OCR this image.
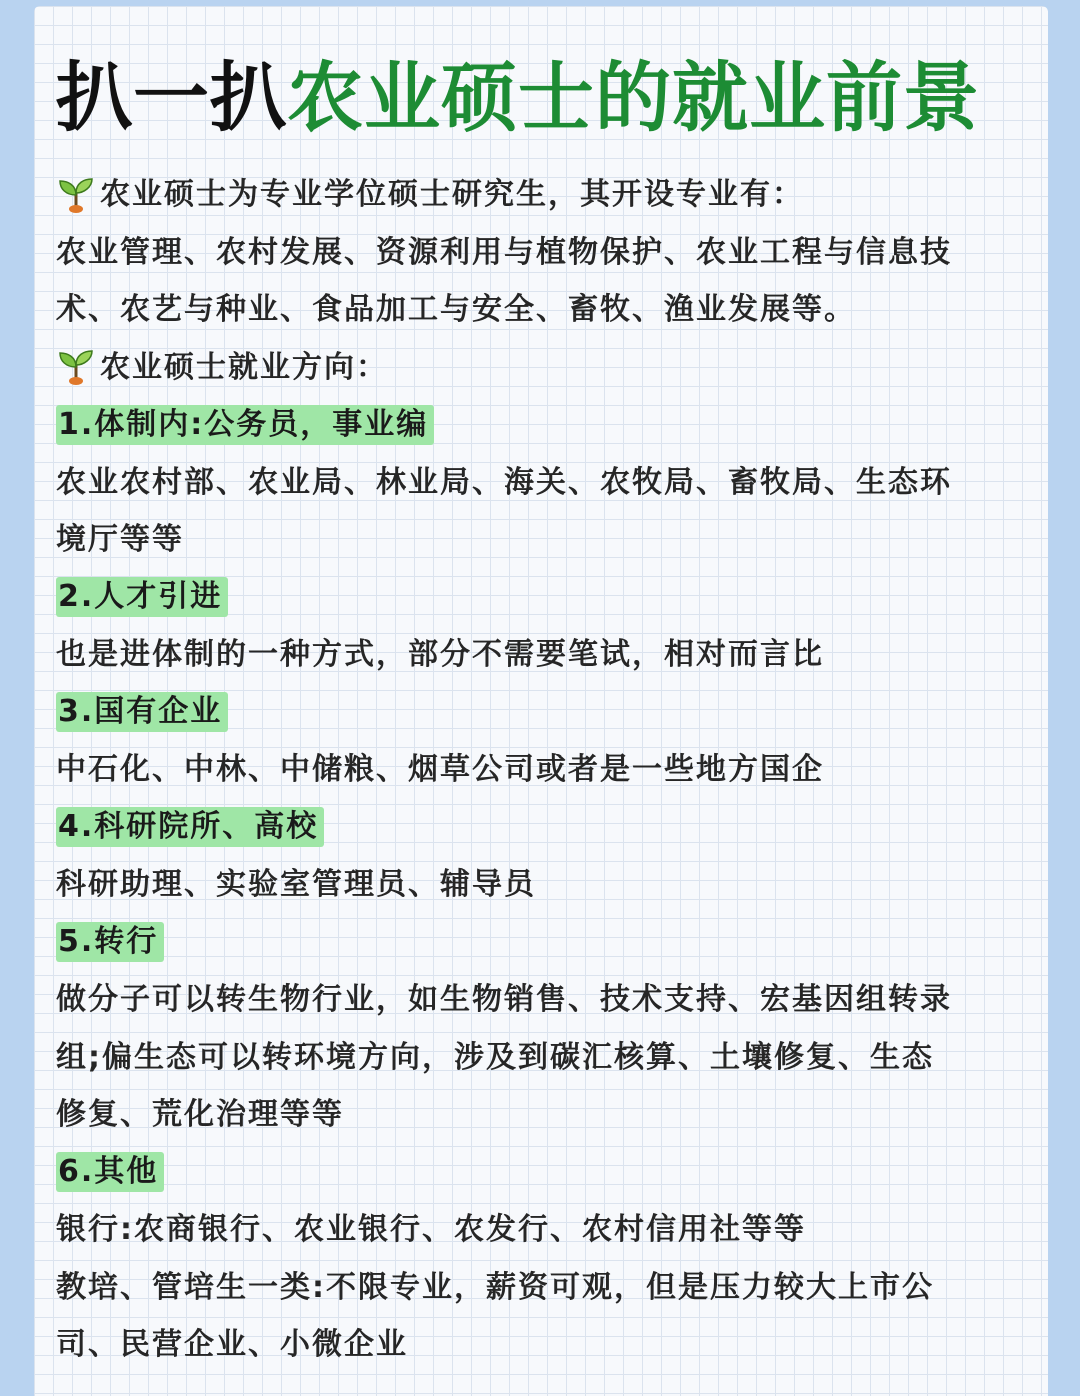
扒一扒农业硕士的就业前景
农业硕士为专业学位硕士研究生，其开设专业有：
农业管理、农村发展、资源利用与植物保护、农业工程与信息技
术、农艺与种业、食品加工与安全、畜牧、渔业发展等。
农业硕士就业方向：
1.体制内:公务员，事业编
农业农村部、农业局、林业局、海关、农牧局、畜牧局、生态环
境厅等等
2.人才引进
也是进体制的一种方式，部分不需要笔试，相对而言比
3.国有企业
中石化、中林、中储粮、烟草公司或者是一些地方国企
4.科研院所、高校
科研助理、实验室管理员、辅导员
5.转行
做分子可以转生物行业，如生物销售、技术支持、宏基因组转录
组;偏生态可以转环境方向，涉及到碳汇核算、土壤修复、生态
修复、荒化治理等等
6.其他
银行:农商银行、农业银行、农发行、农村信用社等等
教培、管培生一类:不限专业，薪资可观，但是压力较大上市公
司、民营企业、小微企业
